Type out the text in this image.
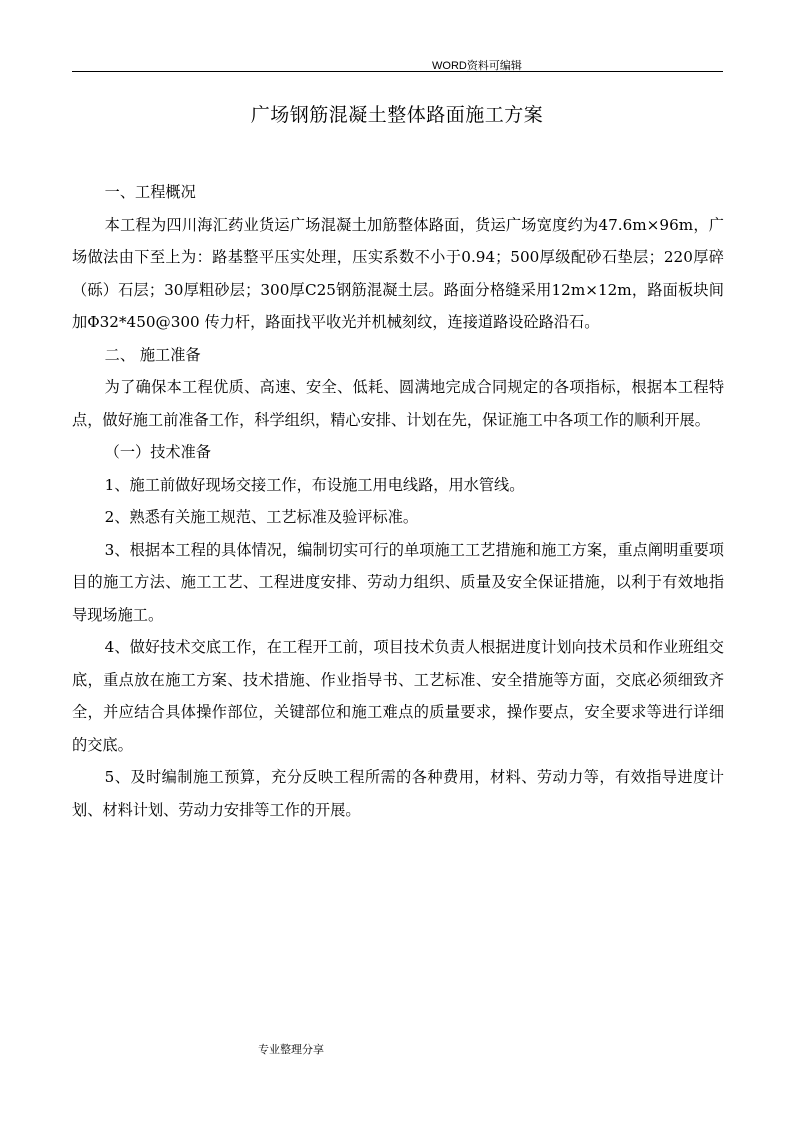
WORD资料可编辑
广场钢筋混凝土整体路面施工方案

一、工程概况

本工程为四川海汇药业货运广场混凝土加筋整体路面，货运广场宽度约为47.6m×96m，广场做法由下至上为：路基整平压实处理，压实系数不小于0.94；500厚级配砂石垫层；220厚碎（砾）石层；30厚粗砂层；300厚C25钢筋混凝土层。路面分格缝采用12m×12m，路面板块间加Φ32*450@300 传力杆，路面找平收光并机械刻纹，连接道路设砼路沿石。

二、 施工准备

为了确保本工程优质、高速、安全、低耗、圆满地完成合同规定的各项指标，根据本工程特点，做好施工前准备工作，科学组织，精心安排、计划在先，保证施工中各项工作的顺利开展。

（一）技术准备

1、施工前做好现场交接工作，布设施工用电线路，用水管线。

2、熟悉有关施工规范、工艺标准及验评标准。

3、根据本工程的具体情况，编制切实可行的单项施工工艺措施和施工方案，重点阐明重要项目的施工方法、施工工艺、工程进度安排、劳动力组织、质量及安全保证措施，以利于有效地指导现场施工。

4、做好技术交底工作，在工程开工前，项目技术负责人根据进度计划向技术员和作业班组交底，重点放在施工方案、技术措施、作业指导书、工艺标准、安全措施等方面，交底必须细致齐全，并应结合具体操作部位，关键部位和施工难点的质量要求，操作要点，安全要求等进行详细的交底。

5、及时编制施工预算，充分反映工程所需的各种费用，材料、劳动力等，有效指导进度计划、材料计划、劳动力安排等工作的开展。

专业整理分享
